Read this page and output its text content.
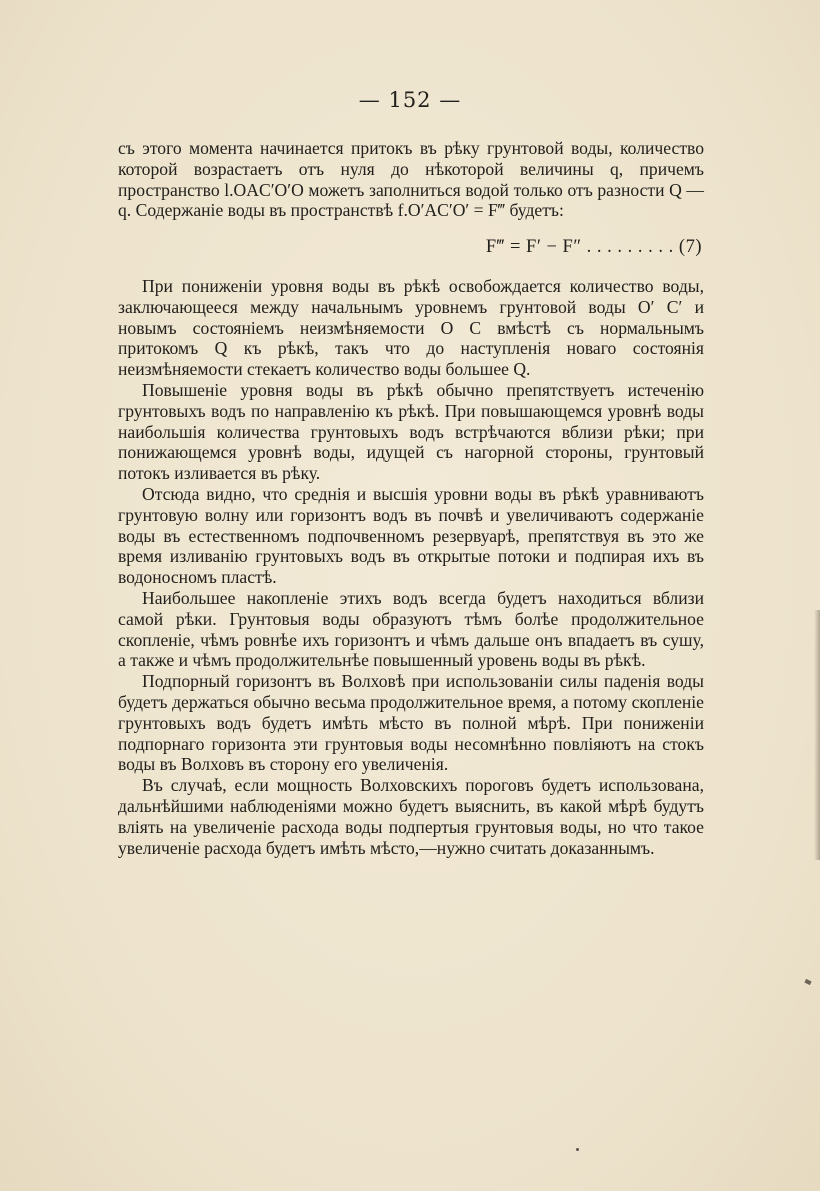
— 152 —

съ этого момента начинается притокъ въ рѣку грунтовой воды, количество которой возрастаетъ отъ нуля до нѣкоторой величины q, причемъ пространство l.OAC′O′O можетъ заполниться водой только отъ разности Q — q. Содержаніе воды въ пространствѣ f.O′AC′O′ = F‴ будетъ:

F‴ = F′ − F″ . . . . . . . . . (7)

При пониженіи уровня воды въ рѣкѣ освобождается количество воды, заключающееся между начальнымъ уровнемъ грунтовой воды O′ C′ и новымъ состояніемъ неизмѣняемости O C вмѣстѣ съ нормальнымъ притокомъ Q къ рѣкѣ, такъ что до наступленія новаго состоянія неизмѣняемости стекаетъ количество воды большее Q.

Повышеніе уровня воды въ рѣкѣ обычно препятствуетъ истеченію грунтовыхъ водъ по направленію къ рѣкѣ. При повышающемся уровнѣ воды наибольшія количества грунтовыхъ водъ встрѣчаются вблизи рѣки; при понижающемся уровнѣ воды, идущей съ нагорной стороны, грунтовый потокъ изливается въ рѣку.

Отсюда видно, что среднія и высшія уровни воды въ рѣкѣ уравниваютъ грунтовую волну или горизонтъ водъ въ почвѣ и увеличиваютъ содержаніе воды въ естественномъ подпочвенномъ резервуарѣ, препятствуя въ это же время изливанію грунтовыхъ водъ въ открытые потоки и подпирая ихъ въ водоносномъ пластѣ.

Наибольшее накопленіе этихъ водъ всегда будетъ находиться вблизи самой рѣки. Грунтовыя воды образуютъ тѣмъ болѣе продолжительное скопленіе, чѣмъ ровнѣе ихъ горизонтъ и чѣмъ дальше онъ впадаетъ въ сушу, а также и чѣмъ продолжительнѣе повышенный уровень воды въ рѣкѣ.

Подпорный горизонтъ въ Волховѣ при использованіи силы паденія воды будетъ держаться обычно весьма продолжительное время, а потому скопленіе грунтовыхъ водъ будетъ имѣть мѣсто въ полной мѣрѣ. При пониженіи подпорнаго горизонта эти грунтовыя воды несомнѣнно повліяютъ на стокъ воды въ Волховъ въ сторону его увеличенія.

Въ случаѣ, если мощность Волховскихъ пороговъ будетъ использована, дальнѣйшими наблюденіями можно будетъ выяснить, въ какой мѣрѣ будутъ вліять на увеличеніе расхода воды подпертыя грунтовыя воды, но что такое увеличеніе расхода будетъ имѣть мѣсто,—нужно считать доказаннымъ.
